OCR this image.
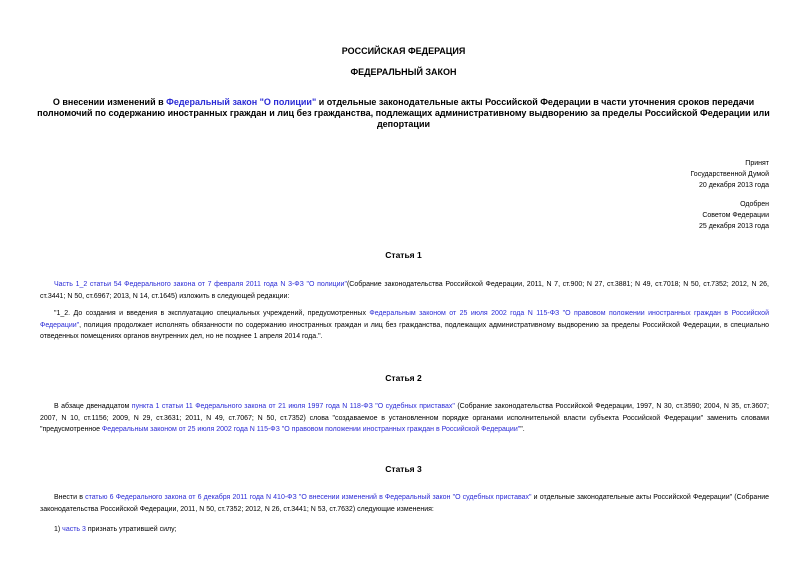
РОССИЙСКАЯ ФЕДЕРАЦИЯ
ФЕДЕРАЛЬНЫЙ ЗАКОН
О внесении изменений в Федеральный закон "О полиции" и отдельные законодательные акты Российской Федерации в части уточнения сроков передачи полномочий по содержанию иностранных граждан и лиц без гражданства, подлежащих административному выдворению за пределы Российской Федерации или депортации
Принят
Государственной Думой
20 декабря 2013 года
Одобрен
Советом Федерации
25 декабря 2013 года
Статья 1

Часть 1_2 статьи 54 Федерального закона от 7 февраля 2011 года N 3-ФЗ "О полиции"(Собрание законодательства Российской Федерации, 2011, N 7, ст.900; N 27, ст.3881; N 49, ст.7018; N 50, ст.7352; 2012, N 26, ст.3441; N 50, ст.6967; 2013, N 14, ст.1645) изложить в следующей редакции:

"1_2. До создания и введения в эксплуатацию специальных учреждений, предусмотренных Федеральным законом от 25 июля 2002 года N 115-ФЗ "О правовом положении иностранных граждан в Российской Федерации", полиция продолжает исполнять обязанности по содержанию иностранных граждан и лиц без гражданства, подлежащих административному выдворению за пределы Российской Федерации, в специально отведенных помещениях органов внутренних дел, но не позднее 1 апреля 2014 года.".

Статья 2

В абзаце двенадцатом пункта 1 статьи 11 Федерального закона от 21 июля 1997 года N 118-ФЗ "О судебных приставах" (Собрание законодательства Российской Федерации, 1997, N 30, ст.3590; 2004, N 35, ст.3607; 2007, N 10, ст.1156; 2009, N 29, ст.3631; 2011, N 49, ст.7067; N 50, ст.7352) слова "создаваемое в установленном порядке органами исполнительной власти субъекта Российской Федерации" заменить словами "предусмотренное Федеральным законом от 25 июля 2002 года N 115-ФЗ "О правовом положении иностранных граждан в Российской Федерации"".

Статья 3

Внести в статью 6 Федерального закона от 6 декабря 2011 года N 410-ФЗ "О внесении изменений в Федеральный закон "О судебных приставах" и отдельные законодательные акты Российской Федерации" (Собрание законодательства Российской Федерации, 2011, N 50, ст.7352; 2012, N 26, ст.3441; N 53, ст.7632) следующие изменения:

1) часть 3 признать утратившей силу;
